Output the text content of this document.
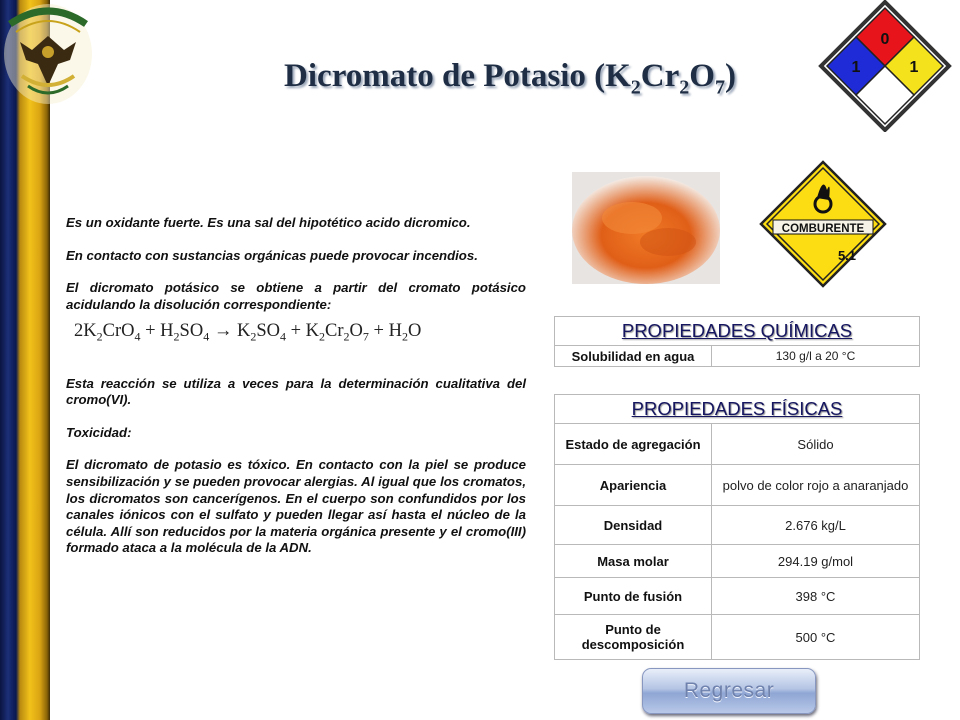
Dicromato de Potasio $(K_2Cr_2O_7)$
0
1	1
COMBURENTE
5.1

Es un oxidante fuerte. Es una sal del hipotético acido dicromico.

En contacto con sustancias orgánicas puede provocar incendios.

El dicromato potásico se obtiene a partir del cromato potásico acidulando la disolución correspondiente:

$2K_2CrO_4 + H_2SO_4 \to K_2SO_4 + K_2Cr_2O_7 + H_2O$

Esta reacción se utiliza a veces para la determinación cualitativa del cromo(VI).

Toxicidad:

El dicromato de potasio es tóxico. En contacto con la piel se produce sensibilización y se pueden provocar alergias. Al igual que los cromatos, los dicromatos son cancerígenos. En el cuerpo son confundidos por los canales iónicos con el sulfato y pueden llegar así hasta el núcleo de la célula. Allí son reducidos por la materia orgánica presente y el cromo(III) formado ataca a la molécula de la ADN.

PROPIEDADES QUÍMICAS
Solubilidad en agua	130 g/l a 20 °C
PROPIEDADES FÍSICAS	
Estado de agregación	Sólido
Apariencia	polvo de color rojo a anaranjado
Densidad	2.676 kg/L
Masa molar	294.19 g/mol
Punto de fusión	398 °C
Punto de descomposición	500 °C
Regresar
